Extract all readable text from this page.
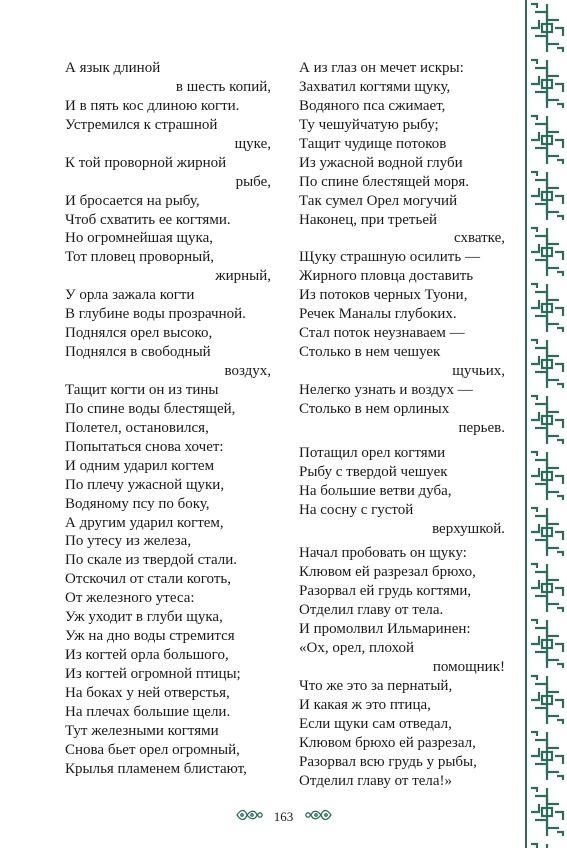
А язык длиной
в шесть копий,
И в пять кос длиною когти.
Устремился к страшной
щуке,
К той проворной жирной
рыбе,
И бросается на рыбу,
Чтоб схватить ее когтями.
Но огромнейшая щука,
Тот пловец проворный,
жирный,
У орла зажала когти
В глубине воды прозрачной.
Поднялся орел высоко,
Поднялся в свободный
воздух,
Тащит когти он из тины
По спине воды блестящей,
Полетел, остановился,
Попытаться снова хочет:
И одним ударил когтем
По плечу ужасной щуки,
Водяному псу по боку,
А другим ударил когтем,
По утесу из железа,
По скале из твердой стали.
Отскочил от стали коготь,
От железного утеса:
Уж уходит в глуби щука,
Уж на дно воды стремится
Из когтей орла большого,
Из когтей огромной птицы;
На боках у ней отверстья,
На плечах большие щели.
Тут железными когтями
Снова бьет орел огромный,
Крылья пламенем блистают,
А из глаз он мечет искры:
Захватил когтями щуку,
Водяного пса сжимает,
Ту чешуйчатую рыбу;
Тащит чудище потоков
Из ужасной водной глуби
По спине блестящей моря.
Так сумел Орел могучий
Наконец, при третьей
схватке,
Щуку страшную осилить —
Жирного пловца доставить
Из потоков черных Туони,
Речек Маналы глубоких.
Стал поток неузнаваем —
Столько в нем чешуек
щучьих,
Нелегко узнать и воздух —
Столько в нем орлиных
перьев.
Потащил орел когтями
Рыбу с твердой чешуек
На большие ветви дуба,
На сосну с густой
верхушкой.
Начал пробовать он щуку:
Клювом ей разрезал брюхо,
Разорвал ей грудь когтями,
Отделил главу от тела.
И промолвил Ильмаринен:
«Ох, орел, плохой
помощник!
Что же это за пернатый,
И какая ж это птица,
Если щуки сам отведал,
Клювом брюхо ей разрезал,
Разорвал всю грудь у рыбы,
Отделил главу от тела!»
163
